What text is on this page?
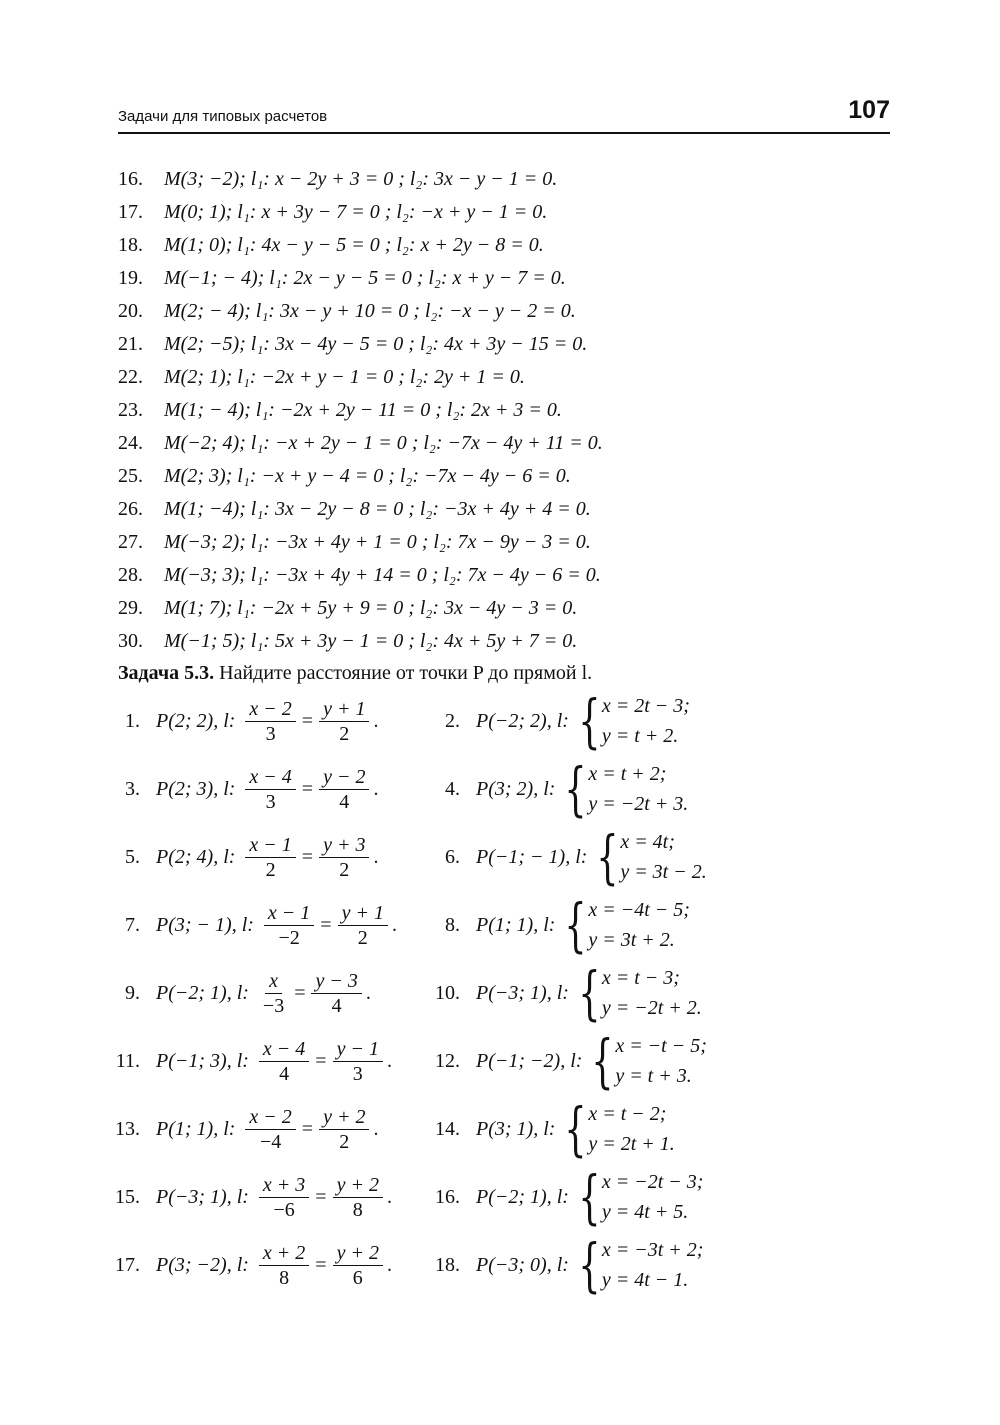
Задачи для типовых расчетов	107
16. M(3; −2); l₁: x − 2y + 3 = 0 ; l₂: 3x − y − 1 = 0.
17. M(0; 1); l₁: x + 3y − 7 = 0 ; l₂: −x + y − 1 = 0.
18. M(1; 0); l₁: 4x − y − 5 = 0 ; l₂: x + 2y − 8 = 0.
19. M(−1; − 4); l₁: 2x − y − 5 = 0 ; l₂: x + y − 7 = 0.
20. M(2; − 4); l₁: 3x − y + 10 = 0 ; l₂: −x − y − 2 = 0.
21. M(2; −5); l₁: 3x − 4y − 5 = 0 ; l₂: 4x + 3y − 15 = 0.
22. M(2; 1); l₁: −2x + y − 1 = 0 ; l₂: 2y + 1 = 0.
23. M(1; − 4); l₁: −2x + 2y − 11 = 0 ; l₂: 2x + 3 = 0.
24. M(−2; 4); l₁: −x + 2y − 1 = 0 ; l₂: −7x − 4y + 11 = 0.
25. M(2; 3); l₁: −x + y − 4 = 0 ; l₂: −7x − 4y − 6 = 0.
26. M(1; −4); l₁: 3x − 2y − 8 = 0 ; l₂: −3x + 4y + 4 = 0.
27. M(−3; 2); l₁: −3x + 4y + 1 = 0 ; l₂: 7x − 9y − 3 = 0.
28. M(−3; 3); l₁: −3x + 4y + 14 = 0 ; l₂: 7x − 4y − 6 = 0.
29. M(1; 7); l₁: −2x + 5y + 9 = 0 ; l₂: 3x − 4y − 3 = 0.
30. M(−1; 5); l₁: 5x + 3y − 1 = 0 ; l₂: 4x + 5y + 7 = 0.
Задача 5.3. Найдите расстояние от точки P до прямой l.
1. P(2; 2), l: $\frac{x - 2}{3} = \frac{y + 1}{2}$ .
3. P(2; 3), l: $\frac{x - 4}{3} = \frac{y - 2}{4}$ .
5. P(2; 4), l: $\frac{x - 1}{2} = \frac{y + 3}{2}$ .
7. P(3; − 1), l: $\frac{x - 1}{-2} = \frac{y + 1}{2}$ .
9. P(−2; 1), l: $\frac{x}{-3} = \frac{y - 3}{4}$ .
11. P(−1; 3), l: $\frac{x - 4}{4} = \frac{y - 1}{3}$ .
13. P(1; 1), l: $\frac{x - 2}{-4} = \frac{y + 2}{2}$ .
15. P(−3; 1), l: $\frac{x + 3}{-6} = \frac{y + 2}{8}$ .
17. P(3; −2), l: $\frac{x + 2}{8} = \frac{y + 2}{6}$ .
2. P(−2; 2), l: { x = 2t − 3;
y = t + 2.
4. P(3; 2), l: { x = t + 2;
y = −2t + 3.
6. P(−1; − 1), l: { x = 4t;
y = 3t − 2.
8. P(1; 1), l: { x = −4t − 5;
y = 3t + 2.
10. P(−3; 1), l: { x = t − 3;
y = −2t + 2.
12. P(−1; −2), l: { x = −t − 5;
y = t + 3.
14. P(3; 1), l: { x = t − 2;
y = 2t + 1.
16. P(−2; 1), l: { x = −2t − 3;
y = 4t + 5.
18. P(−3; 0), l: { x = −3t + 2;
y = 4t − 1.
